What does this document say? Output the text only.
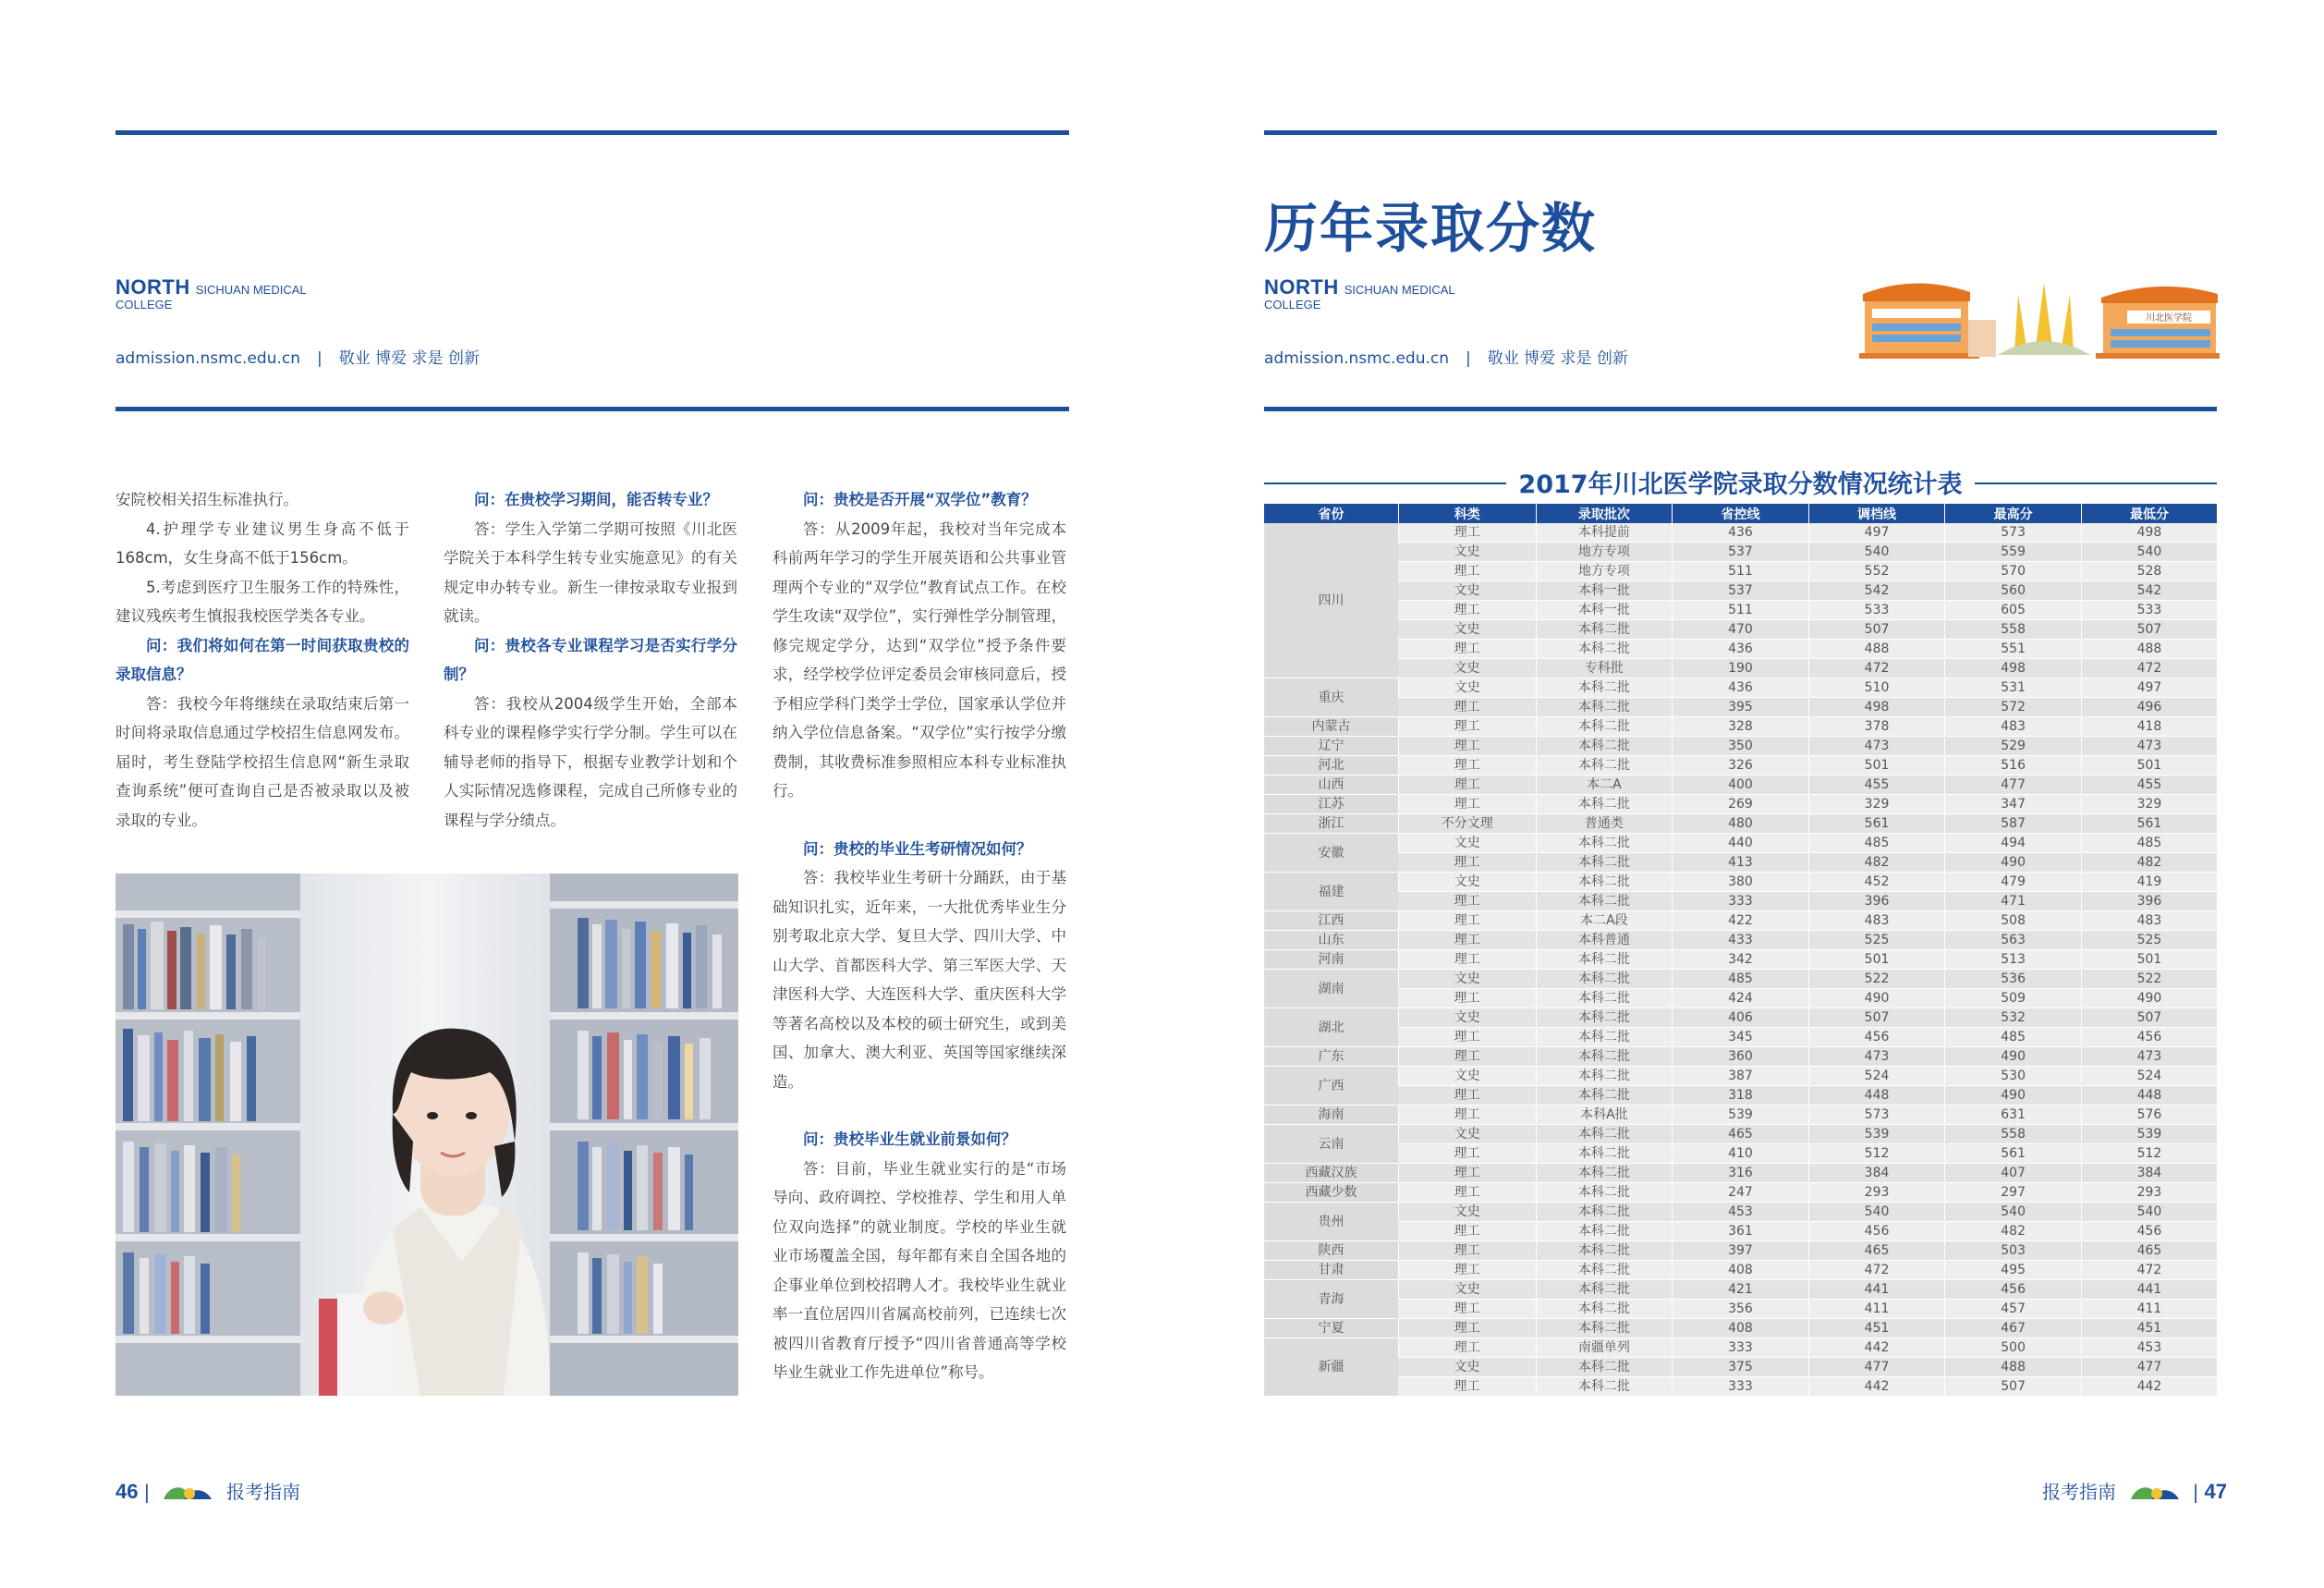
NORTH SICHUAN MEDICAL
COLLEGE
admission.nsmc.edu.cn | 敬业 博爱 求是 创新

安院校相关招生标准执行。

4.护理学专业建议男生身高不低于168cm，女生身高不低于156cm。

5.考虑到医疗卫生服务工作的特殊性，建议残疾考生慎报我校医学类各专业。

问：我们将如何在第一时间获取贵校的录取信息？

答：我校今年将继续在录取结束后第一时间将录取信息通过学校招生信息网发布。届时，考生登陆学校招生信息网“新生录取查询系统”便可查询自己是否被录取以及被录取的专业。

问：在贵校学习期间，能否转专业？

答：学生入学第二学期可按照《川北医学院关于本科学生转专业实施意见》的有关规定申办转专业。新生一律按录取专业报到就读。

问：贵校各专业课程学习是否实行学分制？

答：我校从2004级学生开始，全部本科专业的课程修学实行学分制。学生可以在辅导老师的指导下，根据专业教学计划和个人实际情况选修课程，完成自己所修专业的课程与学分绩点。

问：贵校是否开展“双学位”教育？

答：从2009年起，我校对当年完成本科前两年学习的学生开展英语和公共事业管理两个专业的“双学位”教育试点工作。在校学生攻读“双学位”，实行弹性学分制管理，修完规定学分，达到“双学位”授予条件要求，经学校学位评定委员会审核同意后，授予相应学科门类学士学位，国家承认学位并纳入学位信息备案。“双学位”实行按学分缴费制，其收费标准参照相应本科专业标准执行。

问：贵校的毕业生考研情况如何？

答：我校毕业生考研十分踊跃，由于基础知识扎实，近年来，一大批优秀毕业生分别考取北京大学、复旦大学、四川大学、中山大学、首都医科大学、第三军医大学、天津医科大学、大连医科大学、重庆医科大学等著名高校以及本校的硕士研究生，或到美国、加拿大、澳大利亚、英国等国家继续深造。

问：贵校毕业生就业前景如何？

答：目前，毕业生就业实行的是“市场导向、政府调控、学校推荐、学生和用人单位双向选择”的就业制度。学校的毕业生就业市场覆盖全国，每年都有来自全国各地的企事业单位到校招聘人才。我校毕业生就业率一直位居四川省属高校前列，已连续七次被四川省教育厅授予“四川省普通高等学校毕业生就业工作先进单位”称号。

46 |	报考指南
历年录取分数
NORTH SICHUAN MEDICAL
COLLEGE
admission.nsmc.edu.cn | 敬业 博爱 求是 创新
川北医学院
2017年川北医学院录取分数情况统计表
省份	科类	录取批次	省控线	调档线	最高分	最低分
四川	理工	本科提前	436	497	573	498
	文史	地方专项	537	540	559	540
	理工	地方专项	511	552	570	528
	文史	本科一批	537	542	560	542
	理工	本科一批	511	533	605	533
	文史	本科二批	470	507	558	507
	理工	本科二批	436	488	551	488
	文史	专科批	190	472	498	472
重庆	文史	本科二批	436	510	531	497
	理工	本科二批	395	498	572	496
内蒙古	理工	本科二批	328	378	483	418
辽宁	理工	本科二批	350	473	529	473
河北	理工	本科二批	326	501	516	501
山西	理工	本二A	400	455	477	455
江苏	理工	本科二批	269	329	347	329
浙江	不分文理	普通类	480	561	587	561
安徽	文史	本科二批	440	485	494	485
	理工	本科二批	413	482	490	482
福建	文史	本科二批	380	452	479	419
	理工	本科二批	333	396	471	396
江西	理工	本二A段	422	483	508	483
山东	理工	本科普通	433	525	563	525
河南	理工	本科二批	342	501	513	501
湖南	文史	本科二批	485	522	536	522
	理工	本科二批	424	490	509	490
湖北	文史	本科二批	406	507	532	507
	理工	本科二批	345	456	485	456
广东	理工	本科二批	360	473	490	473
广西	文史	本科二批	387	524	530	524
	理工	本科二批	318	448	490	448
海南	理工	本科A批	539	573	631	576
云南	文史	本科二批	465	539	558	539
	理工	本科二批	410	512	561	512
西藏汉族	理工	本科二批	316	384	407	384
西藏少数	理工	本科二批	247	293	297	293
贵州	文史	本科二批	453	540	540	540
	理工	本科二批	361	456	482	456
陕西	理工	本科二批	397	465	503	465
甘肃	理工	本科二批	408	472	495	472
青海	文史	本科二批	421	441	456	441
	理工	本科二批	356	411	457	411
宁夏	理工	本科二批	408	451	467	451
新疆	理工	南疆单列	333	442	500	453
	文史	本科二批	375	477	488	477
	理工	本科二批	333	442	507	442
报考指南	| 47
